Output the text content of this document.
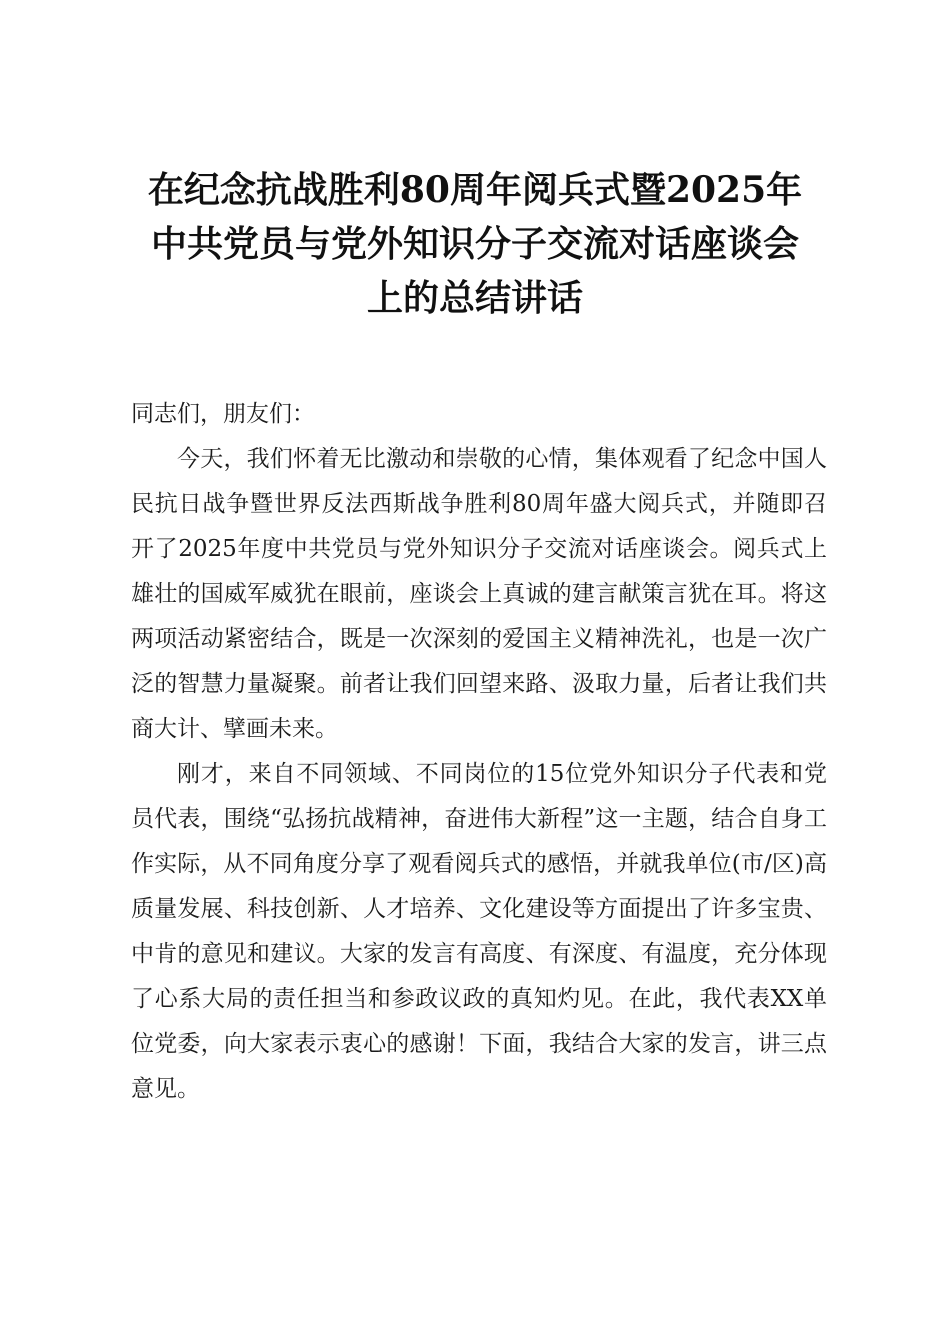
在纪念抗战胜利80周年阅兵式暨2025年
中共党员与党外知识分子交流对话座谈会
上的总结讲话

同志们，朋友们：

今天，我们怀着无比激动和崇敬的心情，集体观看了纪念中国人民抗日战争暨世界反法西斯战争胜利80周年盛大阅兵式，并随即召开了2025年度中共党员与党外知识分子交流对话座谈会。阅兵式上雄壮的国威军威犹在眼前，座谈会上真诚的建言献策言犹在耳。将这两项活动紧密结合，既是一次深刻的爱国主义精神洗礼，也是一次广泛的智慧力量凝聚。前者让我们回望来路、汲取力量，后者让我们共商大计、擘画未来。

刚才，来自不同领域、不同岗位的15位党外知识分子代表和党员代表，围绕“弘扬抗战精神，奋进伟大新程”这一主题，结合自身工作实际，从不同角度分享了观看阅兵式的感悟，并就我单位(市/区)高质量发展、科技创新、人才培养、文化建设等方面提出了许多宝贵、中肯的意见和建议。大家的发言有高度、有深度、有温度，充分体现了心系大局的责任担当和参政议政的真知灼见。在此，我代表XX单位党委，向大家表示衷心的感谢！下面，我结合大家的发言，讲三点意见。
